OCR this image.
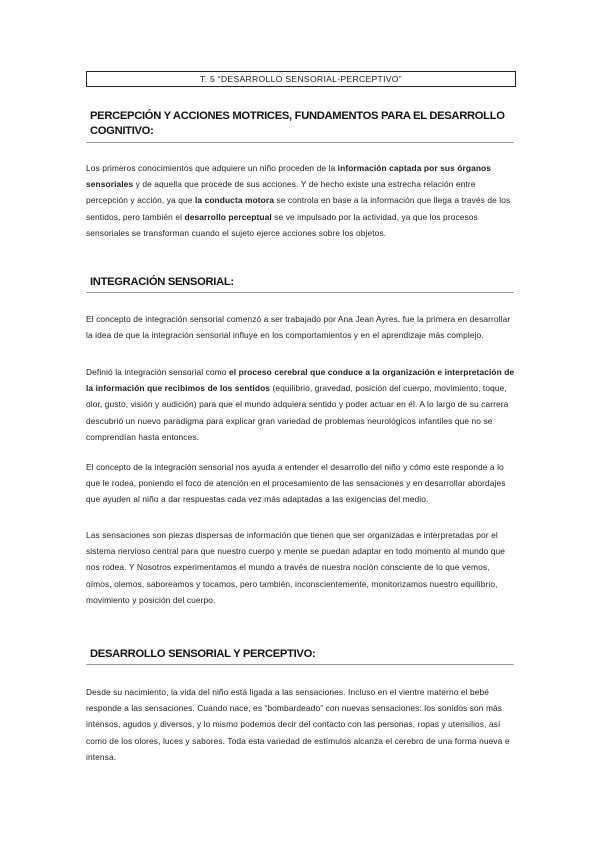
T. 5 “DESARROLLO SENSORIAL-PERCEPTIVO”
PERCEPCIÓN Y ACCIONES MOTRICES, FUNDAMENTOS PARA EL DESARROLLO COGNITIVO:
Los primeros conocimientos que adquiere un niño proceden de la información captada por sus órganos sensoriales y de aquella que procede de sus acciones. Y de hecho existe una estrecha relación entre percepción y acción, ya que la conducta motora se controla en base a la información que llega a través de los sentidos, pero también el desarrollo perceptual se ve impulsado por la actividad, ya que los procesos sensoriales se transforman cuando el sujeto ejerce acciones sobre los objetos.
INTEGRACIÓN SENSORIAL:
El concepto de integración sensorial comenzó a ser trabajado por Ana Jean Ayres, fue la primera en desarrollar la idea de que la integración sensorial influye en los comportamientos y en el aprendizaje más complejo.
Definió la integración sensorial como el proceso cerebral que conduce a la organización e interpretación de la información que recibimos de los sentidos (equilibrio, gravedad, posición del cuerpo, movimiento, toque, olor, gusto, visión y audición) para que el mundo adquiera sentido y poder actuar en él. A lo largo de su carrera descubrió un nuevo paradigma para explicar gran variedad de problemas neurológicos infantiles que no se comprendían hasta entonces.
El concepto de la integración sensorial nos ayuda a entender el desarrollo del niño y cómo este responde a lo que le rodea, poniendo el foco de atención en el procesamiento de las sensaciones y en desarrollar abordajes que ayuden al niño a dar respuestas cada vez más adaptadas a las exigencias del medio.
Las sensaciones son piezas dispersas de información que tienen que ser organizadas e interpretadas por el sistema nervioso central para que nuestro cuerpo y mente se puedan adaptar en todo momento al mundo que nos rodea. Y Nosotros experimentamos el mundo a través de nuestra noción consciente de lo que vemos, oímos, olemos, saboreamos y tocamos, pero también, inconscientemente, monitorizamos nuestro equilibrio, movimiento y posición del cuerpo.
DESARROLLO SENSORIAL Y PERCEPTIVO:
Desde su nacimiento, la vida del niño está ligada a las sensaciones. Incluso en el vientre materno el bebé responde a las sensaciones. Cuando nace, es “bombardeado” con nuevas sensaciones: los sonidos son más intensos, agudos y diversos, y lo mismo podemos decir del contacto con las personas, ropas y utensilios, así como de los olores, luces y sabores. Toda esta variedad de estímulos alcanza el cerebro de una forma nueva e intensa.
